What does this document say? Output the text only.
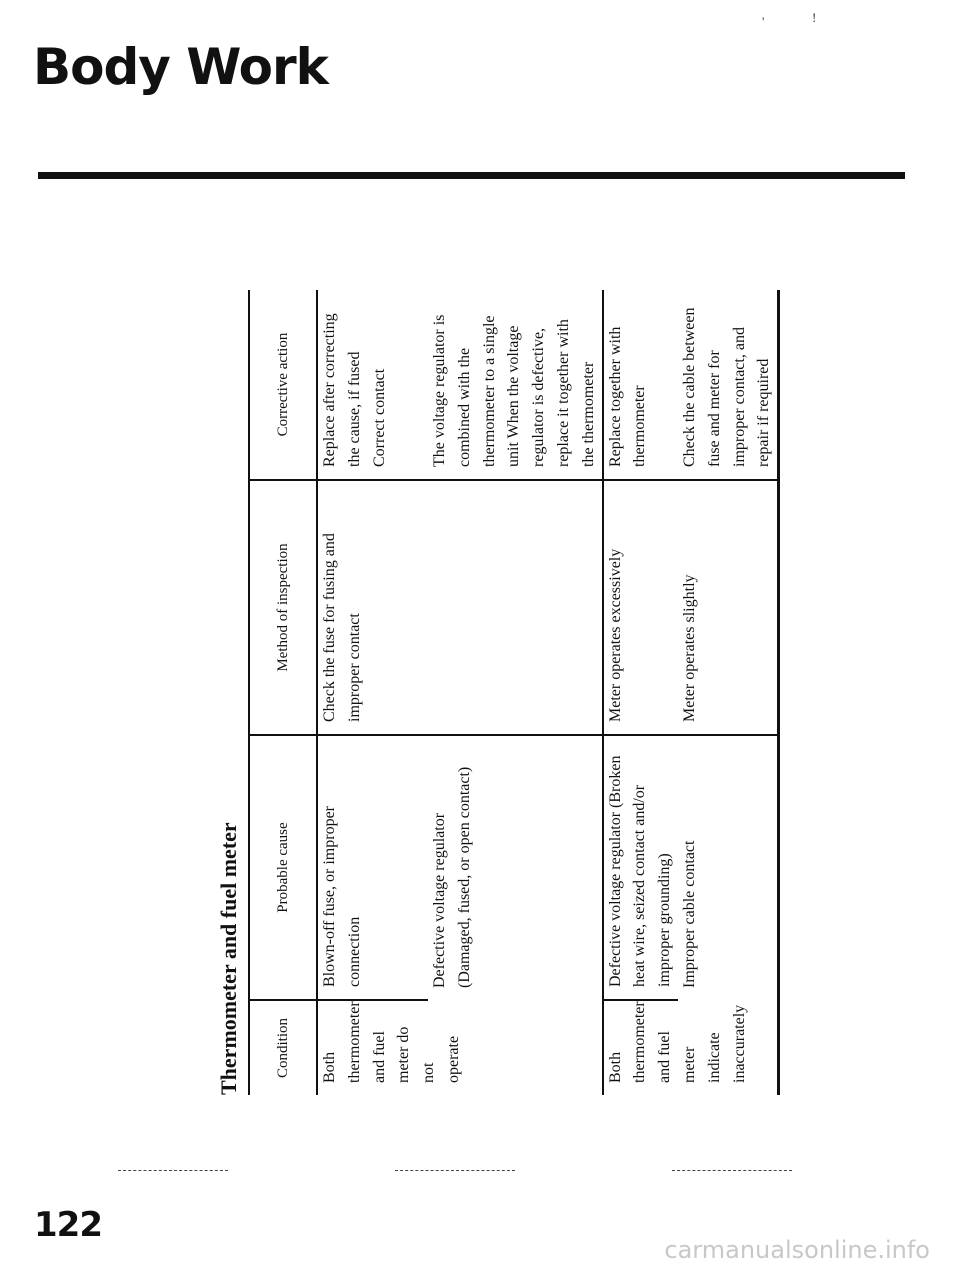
Body Work
'	!
Thermometer and fuel meter	Condition	Probable cause	Method of inspection	Corrective action
Both thermometer and fuel meter do not operate	Blown-off fuse, or improper connection	Check the fuse for fusing and improper contact	Replace after correcting the cause, if fused Correct contact
	Defective voltage regulator (Damaged, fused, or open contact)		The voltage regulator is combined with the thermometer to a single unit When the voltage regulator is defective, replace it together with the thermometer
Both thermometer and fuel meter indicate inaccurately	Defective voltage regulator (Broken heat wire, seized contact and/or improper grounding)	Meter operates excessively	Replace together with thermometer
	Improper cable contact	Meter operates slightly	Check the cable between fuse and meter for improper contact, and repair if required
122
carmanualsonline.info
